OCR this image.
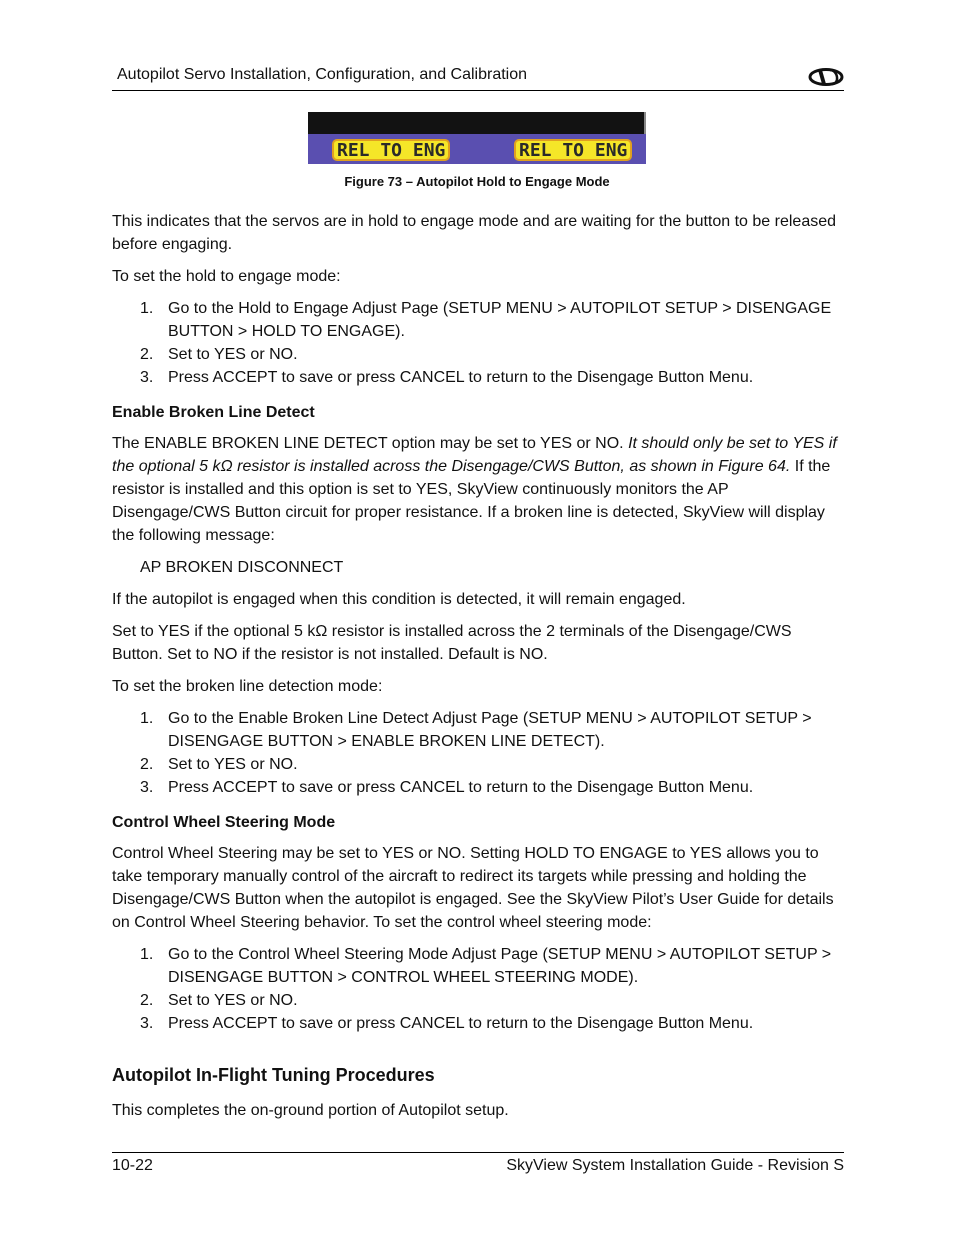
Autopilot Servo Installation, Configuration, and Calibration
REL TO ENG	REL TO ENG
Figure 73 – Autopilot Hold to Engage Mode
This indicates that the servos are in hold to engage mode and are waiting for the button to be released before engaging.
To set the hold to engage mode:
1. Go to the Hold to Engage Adjust Page (SETUP MENU > AUTOPILOT SETUP > DISENGAGE BUTTON > HOLD TO ENGAGE).
2. Set to YES or NO.
3. Press ACCEPT to save or press CANCEL to return to the Disengage Button Menu.
Enable Broken Line Detect
The ENABLE BROKEN LINE DETECT option may be set to YES or NO. It should only be set to YES if the optional 5 kΩ resistor is installed across the Disengage/CWS Button, as shown in Figure 64. If the resistor is installed and this option is set to YES, SkyView continuously monitors the AP Disengage/CWS Button circuit for proper resistance. If a broken line is detected, SkyView will display the following message:
AP BROKEN DISCONNECT
If the autopilot is engaged when this condition is detected, it will remain engaged.
Set to YES if the optional 5 kΩ resistor is installed across the 2 terminals of the Disengage/CWS Button. Set to NO if the resistor is not installed. Default is NO.
To set the broken line detection mode:
1. Go to the Enable Broken Line Detect Adjust Page (SETUP MENU > AUTOPILOT SETUP > DISENGAGE BUTTON > ENABLE BROKEN LINE DETECT).
2. Set to YES or NO.
3. Press ACCEPT to save or press CANCEL to return to the Disengage Button Menu.
Control Wheel Steering Mode
Control Wheel Steering may be set to YES or NO. Setting HOLD TO ENGAGE to YES allows you to take temporary manually control of the aircraft to redirect its targets while pressing and holding the Disengage/CWS Button when the autopilot is engaged. See the SkyView Pilot’s User Guide for details on Control Wheel Steering behavior. To set the control wheel steering mode:
1. Go to the Control Wheel Steering Mode Adjust Page (SETUP MENU > AUTOPILOT SETUP > DISENGAGE BUTTON > CONTROL WHEEL STEERING MODE).
2. Set to YES or NO.
3. Press ACCEPT to save or press CANCEL to return to the Disengage Button Menu.
Autopilot In-Flight Tuning Procedures
This completes the on-ground portion of Autopilot setup.
10-22	SkyView System Installation Guide - Revision S
